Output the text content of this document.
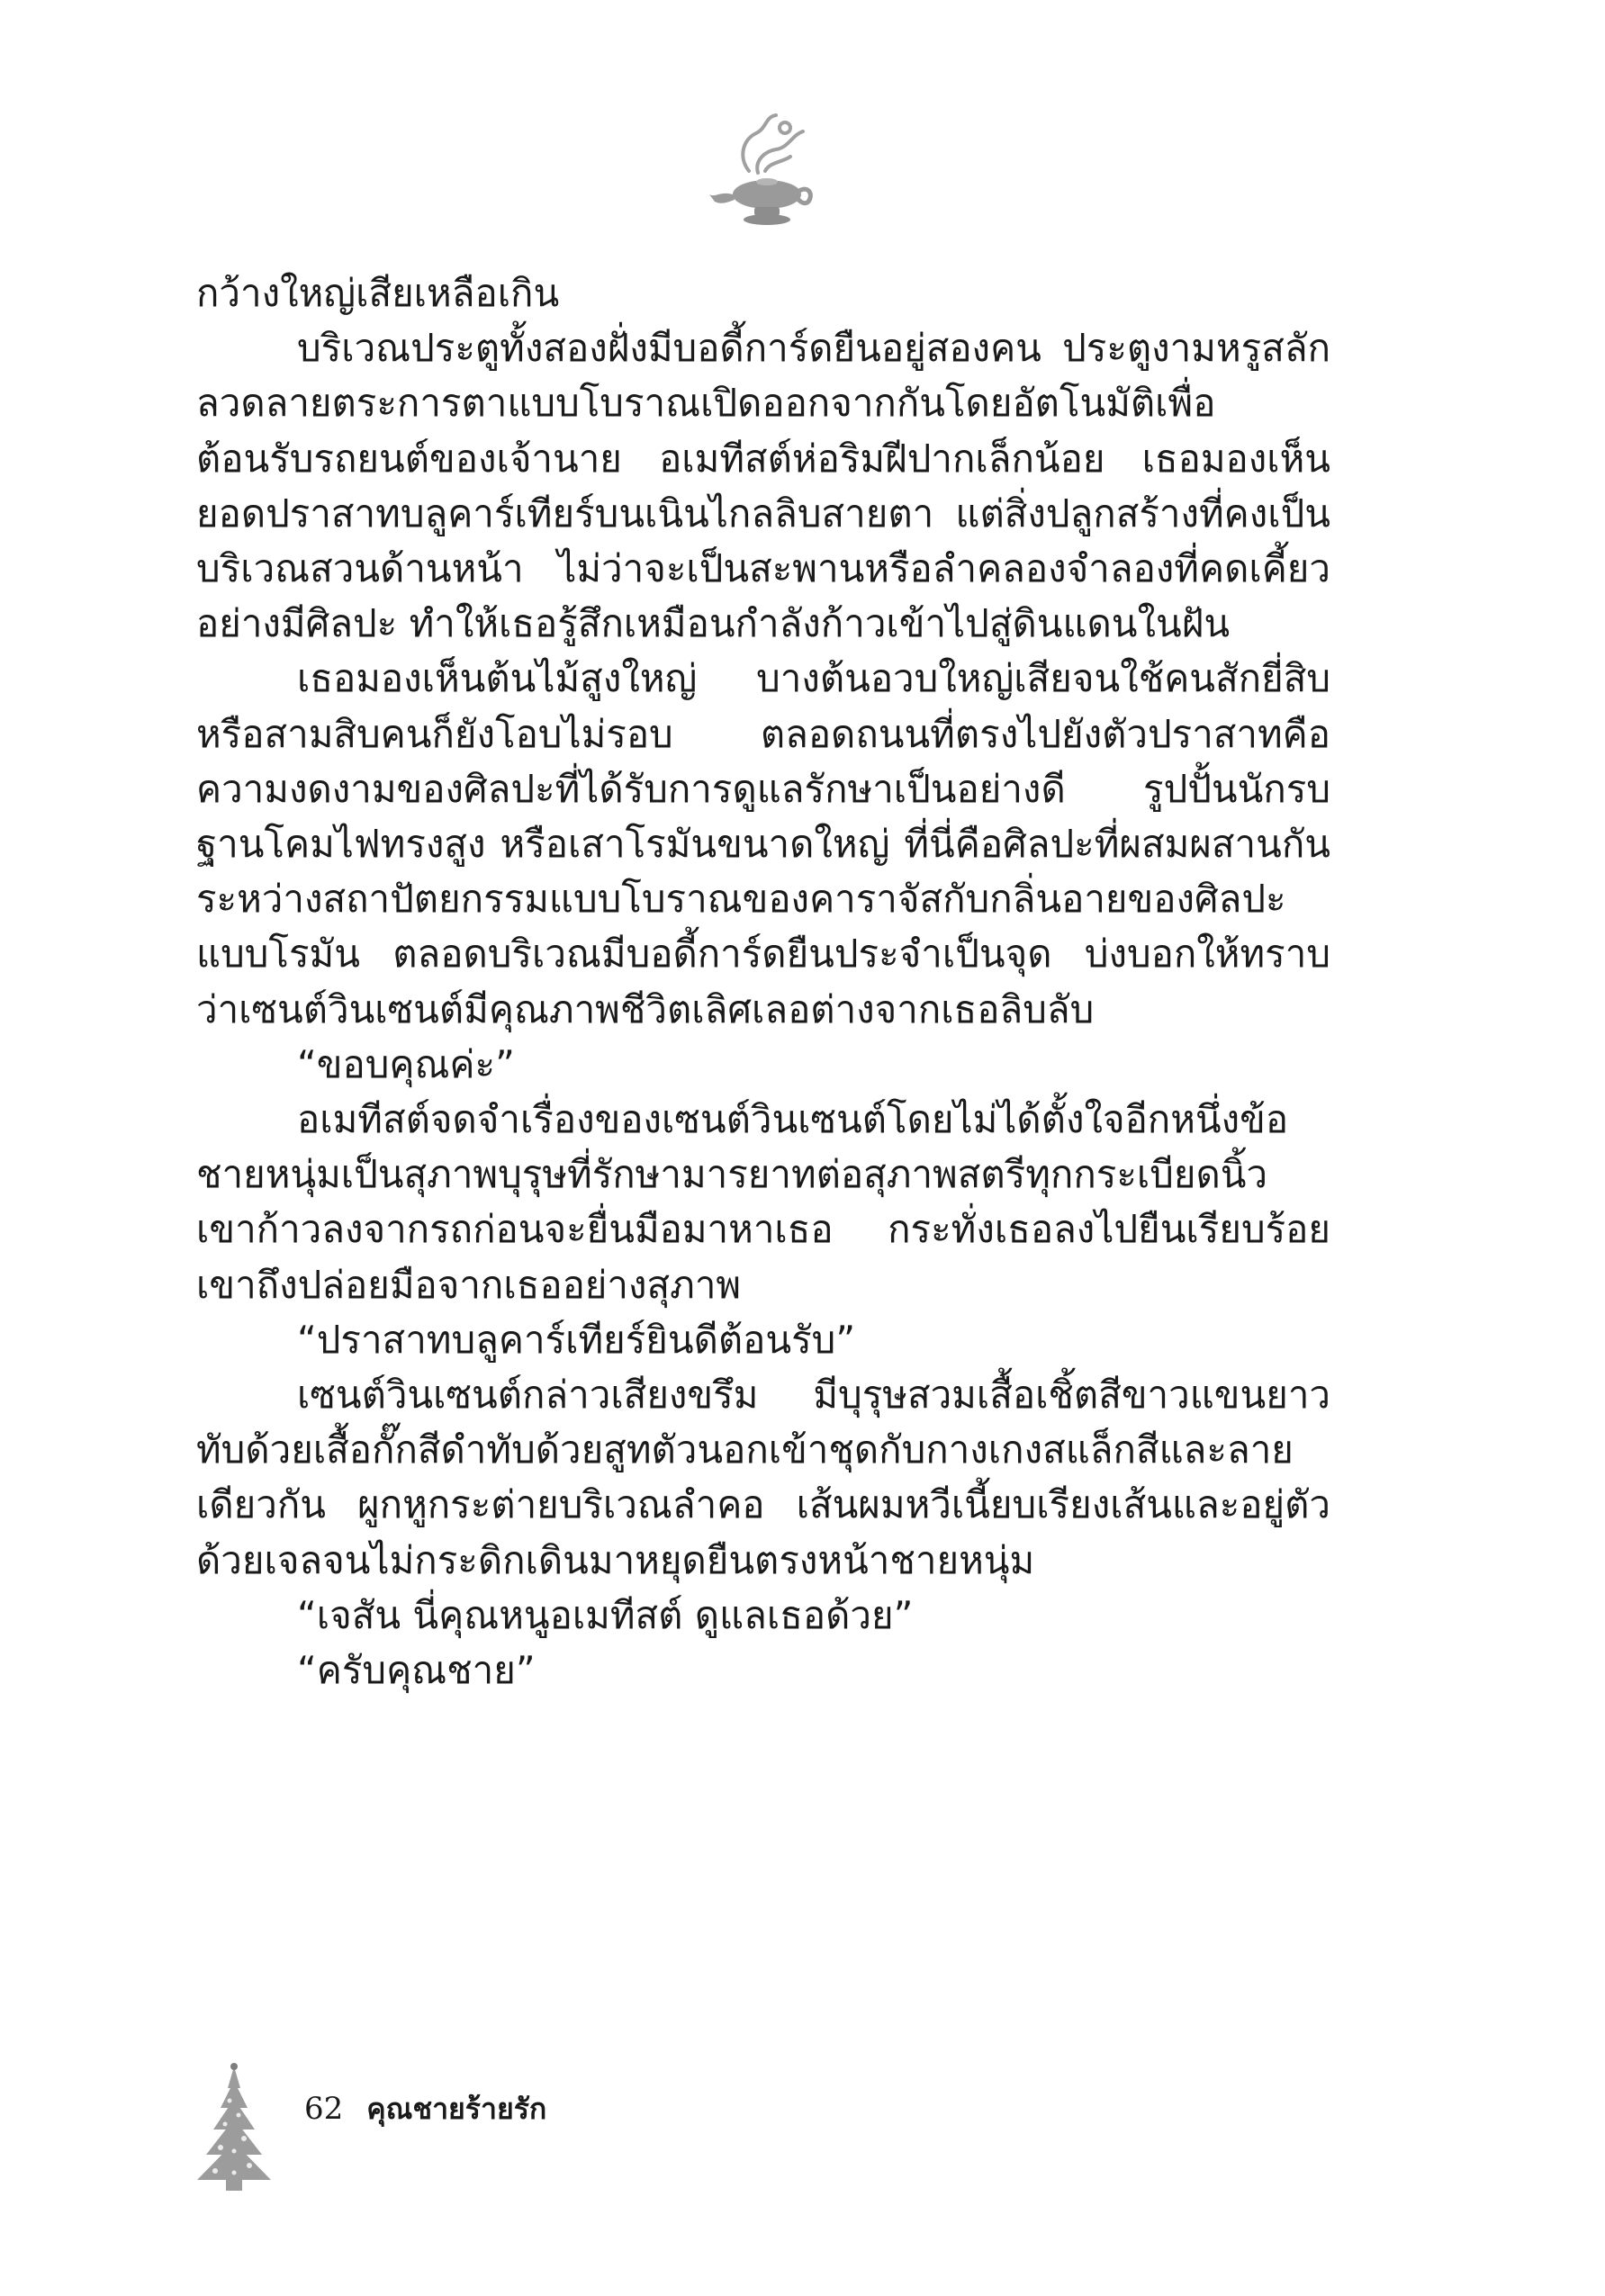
กว้างใหญ่เสียเหลือเกิน

บริเวณประตูทั้งสองฝั่งมีบอดี้การ์ดยืนอยู่สองคน ประตูงามหรูสลักลวดลายตระการตาแบบโบราณเปิดออกจากกันโดยอัตโนมัติเพื่อต้อนรับรถยนต์ของเจ้านาย อเมทีสต์ห่อริมฝีปากเล็กน้อย เธอมองเห็นยอดปราสาทบลูคาร์เทียร์บนเนินไกลลิบสายตา แต่สิ่งปลูกสร้างที่คงเป็นบริเวณสวนด้านหน้า ไม่ว่าจะเป็นสะพานหรือลำคลองจำลองที่คดเคี้ยวอย่างมีศิลปะ ทำให้เธอรู้สึกเหมือนกำลังก้าวเข้าไปสู่ดินแดนในฝัน

เธอมองเห็นต้นไม้สูงใหญ่ บางต้นอวบใหญ่เสียจนใช้คนสักยี่สิบหรือสามสิบคนก็ยังโอบไม่รอบ ตลอดถนนที่ตรงไปยังตัวปราสาทคือความงดงามของศิลปะที่ได้รับการดูแลรักษาเป็นอย่างดี รูปปั้นนักรบฐานโคมไฟทรงสูง หรือเสาโรมันขนาดใหญ่ ที่นี่คือศิลปะที่ผสมผสานกันระหว่างสถาปัตยกรรมแบบโบราณของคาราจัสกับกลิ่นอายของศิลปะแบบโรมัน ตลอดบริเวณมีบอดี้การ์ดยืนประจำเป็นจุด บ่งบอกให้ทราบว่าเซนต์วินเซนต์มีคุณภาพชีวิตเลิศเลอต่างจากเธอลิบลับ

“ขอบคุณค่ะ”

อเมทีสต์จดจำเรื่องของเซนต์วินเซนต์โดยไม่ได้ตั้งใจอีกหนึ่งข้อ ชายหนุ่มเป็นสุภาพบุรุษที่รักษามารยาทต่อสุภาพสตรีทุกกระเบียดนิ้ว เขาก้าวลงจากรถก่อนจะยื่นมือมาหาเธอ กระทั่งเธอลงไปยืนเรียบร้อยเขาถึงปล่อยมือจากเธออย่างสุภาพ

“ปราสาทบลูคาร์เทียร์ยินดีต้อนรับ”

เซนต์วินเซนต์กล่าวเสียงขรึม มีบุรุษสวมเสื้อเชิ้ตสีขาวแขนยาวทับด้วยเสื้อกั๊กสีดำทับด้วยสูทตัวนอกเข้าชุดกับกางเกงสแล็กสีและลายเดียวกัน ผูกหูกระต่ายบริเวณลำคอ เส้นผมหวีเนี้ยบเรียงเส้นและอยู่ตัวด้วยเจลจนไม่กระดิกเดินมาหยุดยืนตรงหน้าชายหนุ่ม

“เจสัน นี่คุณหนูอเมทีสต์ ดูแลเธอด้วย”

“ครับคุณชาย”

62 คุณชายร้ายรัก
